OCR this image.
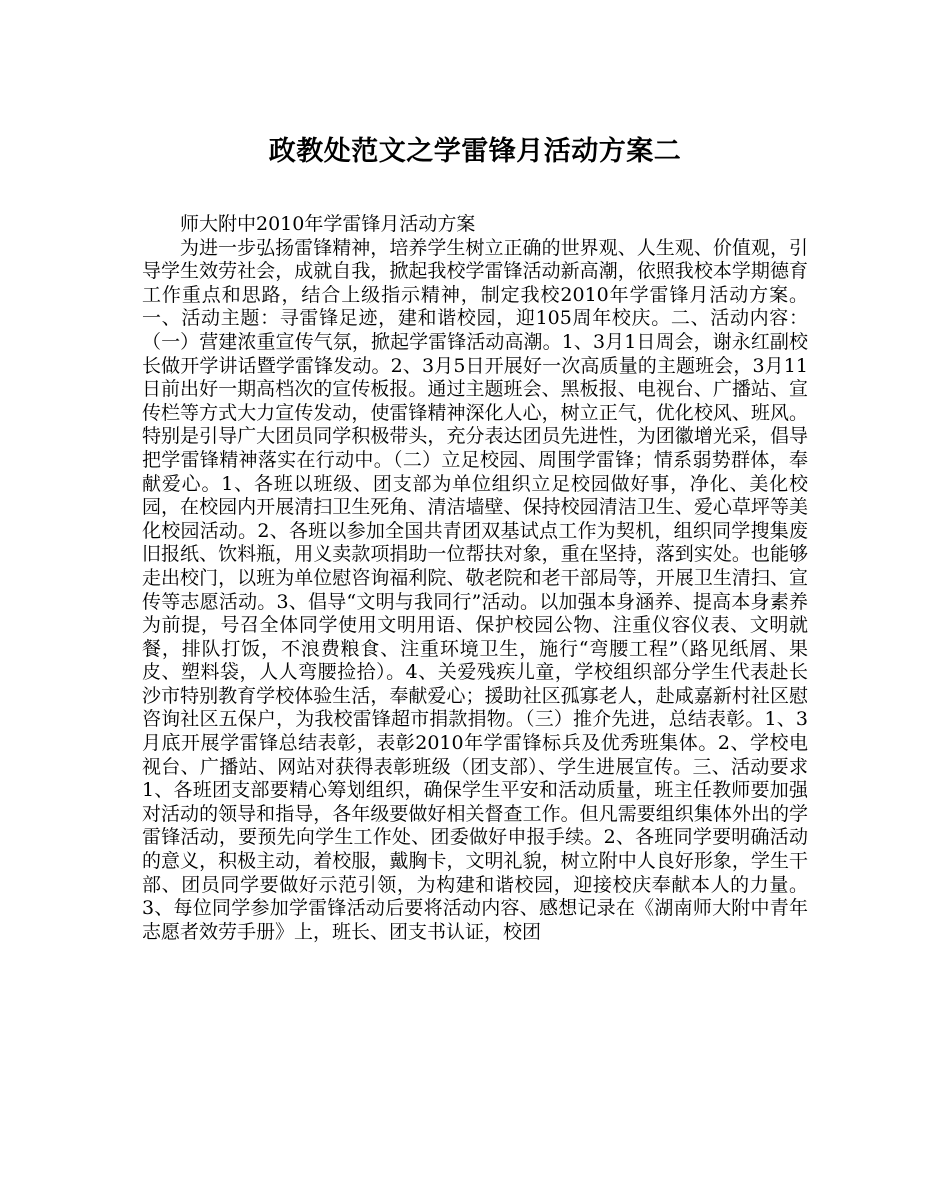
政教处范文之学雷锋月活动方案二

师大附中2010年学雷锋月活动方案

为进一步弘扬雷锋精神，培养学生树立正确的世界观、人生观、价值观，引导学生效劳社会，成就自我，掀起我校学雷锋活动新高潮，依照我校本学期德育工作重点和思路，结合上级指示精神，制定我校2010年学雷锋月活动方案。一、活动主题：寻雷锋足迹，建和谐校园，迎105周年校庆。二、活动内容：（一）营建浓重宣传气氛，掀起学雷锋活动高潮。1、3月1日周会，谢永红副校长做开学讲话暨学雷锋发动。2、3月5日开展好一次高质量的主题班会，3月11日前出好一期高档次的宣传板报。通过主题班会、黑板报、电视台、广播站、宣传栏等方式大力宣传发动，使雷锋精神深化人心，树立正气，优化校风、班风。特别是引导广大团员同学积极带头，充分表达团员先进性，为团徽增光采，倡导把学雷锋精神落实在行动中。（二）立足校园、周围学雷锋；情系弱势群体，奉献爱心。1、各班以班级、团支部为单位组织立足校园做好事，净化、美化校园，在校园内开展清扫卫生死角、清洁墙壁、保持校园清洁卫生、爱心草坪等美化校园活动。2、各班以参加全国共青团双基试点工作为契机，组织同学搜集废旧报纸、饮料瓶，用义卖款项捐助一位帮扶对象，重在坚持，落到实处。也能够走出校门，以班为单位慰咨询福利院、敬老院和老干部局等，开展卫生清扫、宣传等志愿活动。3、倡导“文明与我同行”活动。以加强本身涵养、提高本身素养为前提，号召全体同学使用文明用语、保护校园公物、注重仪容仪表、文明就餐，排队打饭，不浪费粮食、注重环境卫生，施行“弯腰工程”（路见纸屑、果皮、塑料袋，人人弯腰捡拾）。4、关爱残疾儿童，学校组织部分学生代表赴长沙市特别教育学校体验生活，奉献爱心；援助社区孤寡老人，赴咸嘉新村社区慰咨询社区五保户，为我校雷锋超市捐款捐物。（三）推介先进，总结表彰。1、3月底开展学雷锋总结表彰，表彰2010年学雷锋标兵及优秀班集体。2、学校电视台、广播站、网站对获得表彰班级（团支部）、学生进展宣传。三、活动要求1、各班团支部要精心筹划组织，确保学生平安和活动质量，班主任教师要加强对活动的领导和指导，各年级要做好相关督查工作。但凡需要组织集体外出的学雷锋活动，要预先向学生工作处、团委做好申报手续。2、各班同学要明确活动的意义，积极主动，着校服，戴胸卡，文明礼貌，树立附中人良好形象，学生干部、团员同学要做好示范引领，为构建和谐校园，迎接校庆奉献本人的力量。3、每位同学参加学雷锋活动后要将活动内容、感想记录在《湖南师大附中青年志愿者效劳手册》上，班长、团支书认证，校团
